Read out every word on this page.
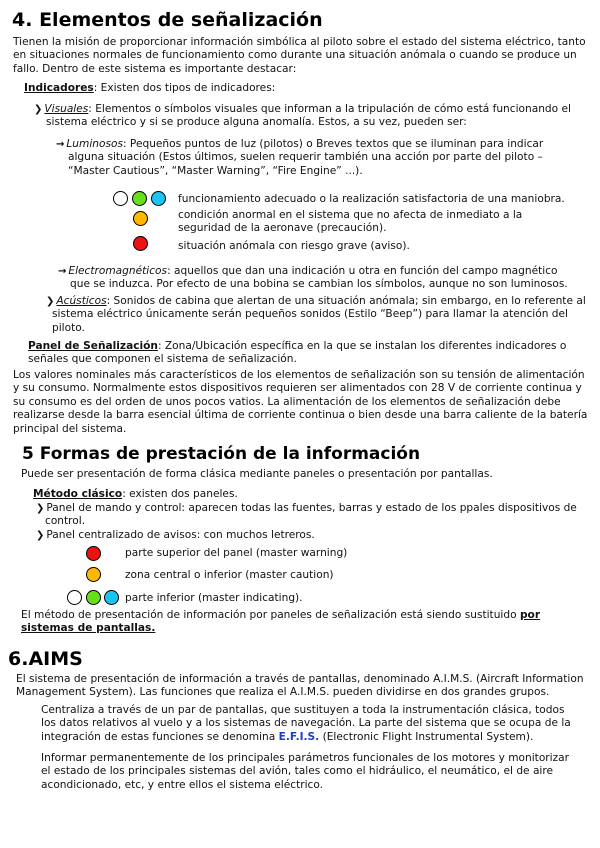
4. Elementos de señalización
Tienen la misión de proporcionar información simbólica al piloto sobre el estado del sistema eléctrico, tanto en situaciones normales de funcionamiento como durante una situación anómala o cuando se produce un fallo. Dentro de este sistema es importante destacar:
Indicadores: Existen dos tipos de indicadores:
❯ Visuales: Elementos o símbolos visuales que informan a la tripulación de cómo está funcionando el sistema eléctrico y si se produce alguna anomalía. Estos, a su vez, pueden ser:
→ Luminosos: Pequeños puntos de luz (pilotos) o Breves textos que se iluminan para indicar alguna situación (Estos últimos, suelen requerir también una acción por parte del piloto – “Master Cautious”, “Master Warning”, “Fire Engine” ...).
funcionamiento adecuado o la realización satisfactoria de una maniobra.
condición anormal en el sistema que no afecta de inmediato a la seguridad de la aeronave (precaución).
situación anómala con riesgo grave (aviso).
→ Electromagnéticos: aquellos que dan una indicación u otra en función del campo magnético que se induzca. Por efecto de una bobina se cambian los símbolos, aunque no son luminosos.
❯ Acústicos: Sonidos de cabina que alertan de una situación anómala; sin embargo, en lo referente al sistema eléctrico únicamente serán pequeños sonidos (Estilo “Beep”) para llamar la atención del piloto.
Panel de Señalización: Zona/Ubicación específica en la que se instalan los diferentes indicadores o señales que componen el sistema de señalización.
Los valores nominales más característicos de los elementos de señalización son su tensión de alimentación y su consumo. Normalmente estos dispositivos requieren ser alimentados con 28 V de corriente continua y su consumo es del orden de unos pocos vatios. La alimentación de los elementos de señalización debe realizarse desde la barra esencial última de corriente continua o bien desde una barra caliente de la batería principal del sistema.
5 Formas de prestación de la información
Puede ser presentación de forma clásica mediante paneles o presentación por pantallas.
Método clásico: existen dos paneles.
❯ Panel de mando y control: aparecen todas las fuentes, barras y estado de los ppales dispositivos de control.
❯ Panel centralizado de avisos: con muchos letreros.
parte superior del panel (master warning)
zona central o inferior (master caution)
parte inferior (master indicating).
El método de presentación de información por paneles de señalización está siendo sustituido por sistemas de pantallas.
6.AIMS
El sistema de presentación de información a través de pantallas, denominado A.I.M.S. (Aircraft Information Management System). Las funciones que realiza el A.I.M.S. pueden dividirse en dos grandes grupos.
Centraliza a través de un par de pantallas, que sustituyen a toda la instrumentación clásica, todos los datos relativos al vuelo y a los sistemas de navegación. La parte del sistema que se ocupa de la integración de estas funciones se denomina E.F.I.S. (Electronic Flight Instrumental System).
Informar permanentemente de los principales parámetros funcionales de los motores y monitorizar el estado de los principales sistemas del avión, tales como el hidráulico, el neumático, el de aire acondicionado, etc, y entre ellos el sistema eléctrico.
